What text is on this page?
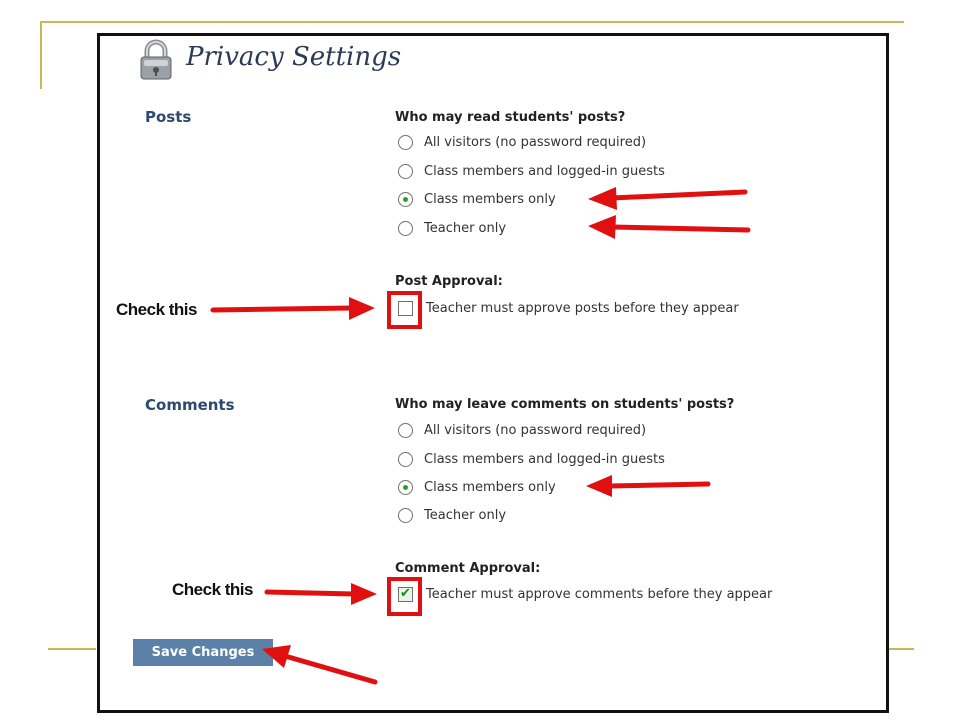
Privacy Settings
Posts	Who may read students' posts?
All visitors (no password required)
Class members and logged-in guests
Class members only
Teacher only
Post Approval:
Teacher must approve posts before they appear
Comments	Who may leave comments on students' posts?
All visitors (no password required)
Class members and logged-in guests
Class members only
Teacher only
Comment Approval:
✔ Teacher must approve comments before they appear
Save Changes
Check this
Check this
